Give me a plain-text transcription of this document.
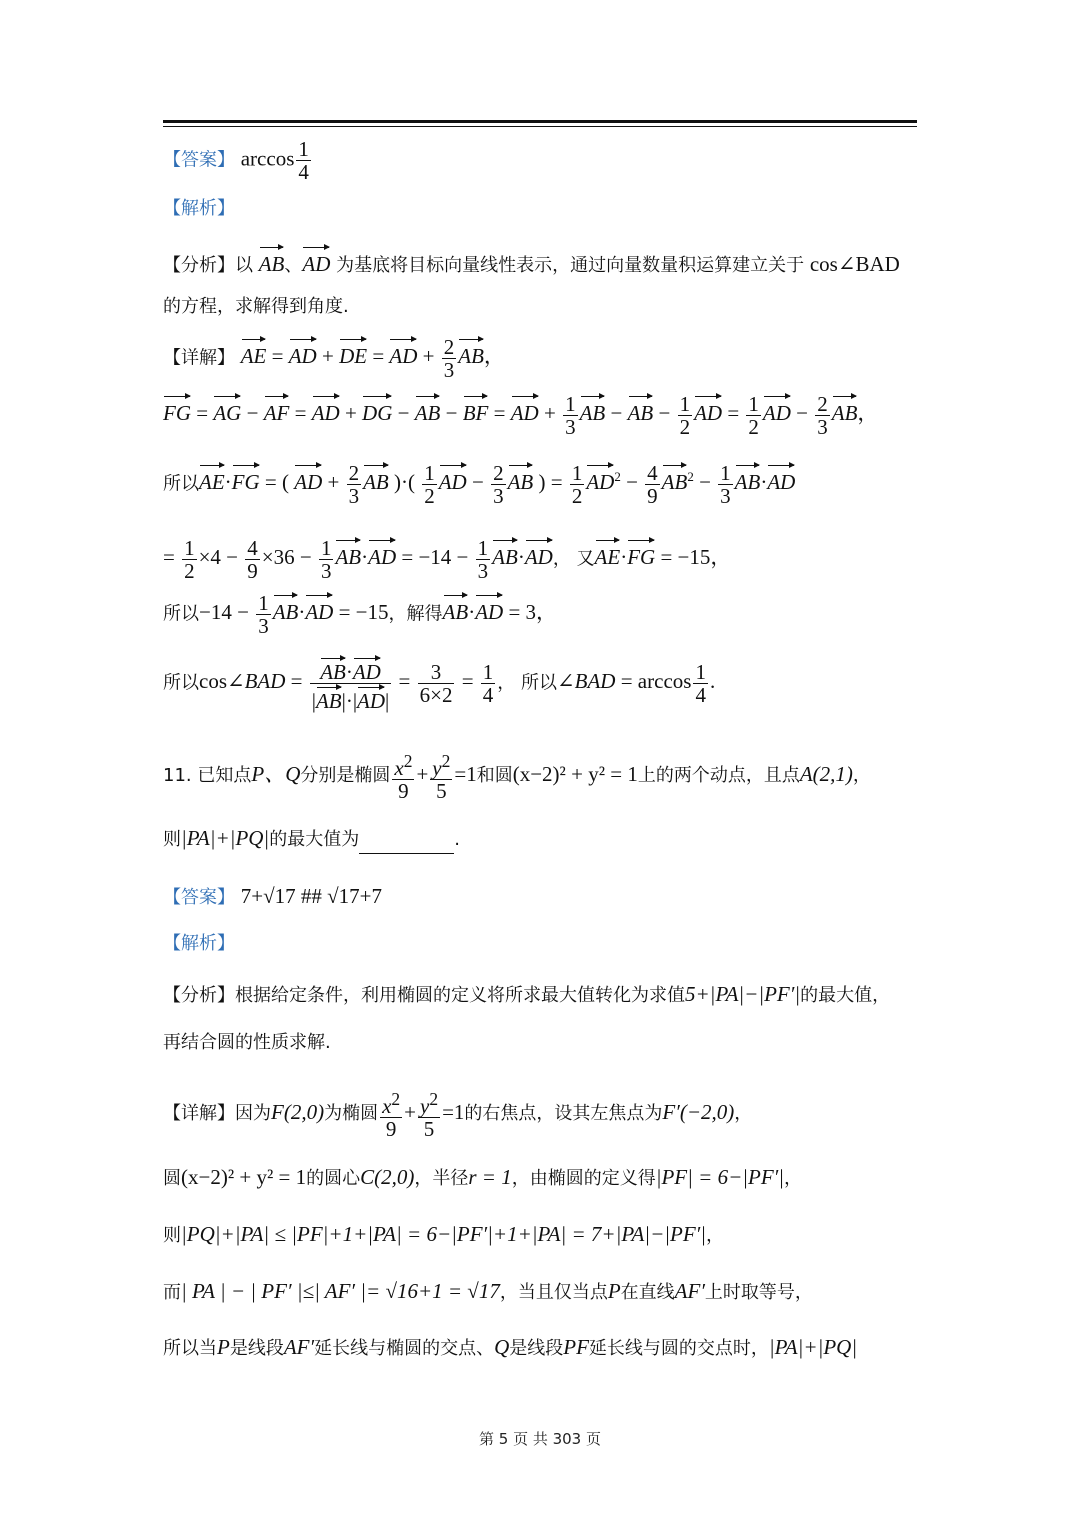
【答案】 $\arccos \frac{1}{4}$
【解析】
【分析】以 AB、AD 为基底将目标向量线性表示，通过向量数量积运算建立关于 cos∠BAD
的方程，求解得到角度.
【详解】 AE = AD + DE = AD + $\frac{2}{3}$ AB，
FG = AG − AF = AD + DG − AB − BF = AD + $\frac{1}{3}$ AB − AB − $\frac{1}{2}$ AD = $\frac{1}{2}$ AD − $\frac{2}{3}$ AB，
所以AE·FG = ( AD + $\frac{2}{3}$ AB )·( $\frac{1}{2}$ AD − $\frac{2}{3}$ AB ) = $\frac{1}{2} AD^2 - \frac{4}{9} AB^2 - \frac{1}{3} AB\cdot AD$
= $\frac{1}{2} \times 4 - \frac{4}{9} \times 36 - \frac{1}{3} AB\cdot AD = -14 - \frac{1}{3} AB\cdot AD$， 又AE·FG = −15，
所以$-14 - \frac{1}{3} AB\cdot AD = -15$，解得AB·AD = 3，
所以cos∠BAD = $\frac{AB\cdot AD}{|AB|\cdot|AD|} = \frac{3}{6\times 2} = \frac{1}{4}$ ， 所以∠BAD = $\arccos \frac{1}{4}$ .
11. 已知点P、Q分别是椭圆 $\frac{x^2}{9} + \frac{y^2}{5} =1$和圆(x−2)² + y² = 1上的两个动点，且点A(2,1)，
则|PA|+|PQ|的最大值为	.
【答案】 7+√17 ## √17+7
【解析】
【分析】根据给定条件，利用椭圆的定义将所求最大值转化为求值5+|PA|−|PF′|的最大值，
再结合圆的性质求解.
【详解】因为F(2,0)为椭圆 $\frac{x^2}{9} + \frac{y^2}{5} =1$的右焦点，设其左焦点为F′(−2,0)，
圆(x−2)² + y² = 1的圆心C(2,0)，半径r = 1，由椭圆的定义得|PF| = 6−|PF′|，
则|PQ|+|PA| ≤ |PF|+1+|PA| = 6−|PF′|+1+|PA| = 7+|PA|−|PF′|，
而| PA | − | PF′ |≤| AF′ |= √16+1 = √17，当且仅当点P在直线AF′上时取等号，
所以当P是线段AF′延长线与椭圆的交点、Q是线段PF延长线与圆的交点时，|PA|+|PQ|
第 5 页 共 303 页
